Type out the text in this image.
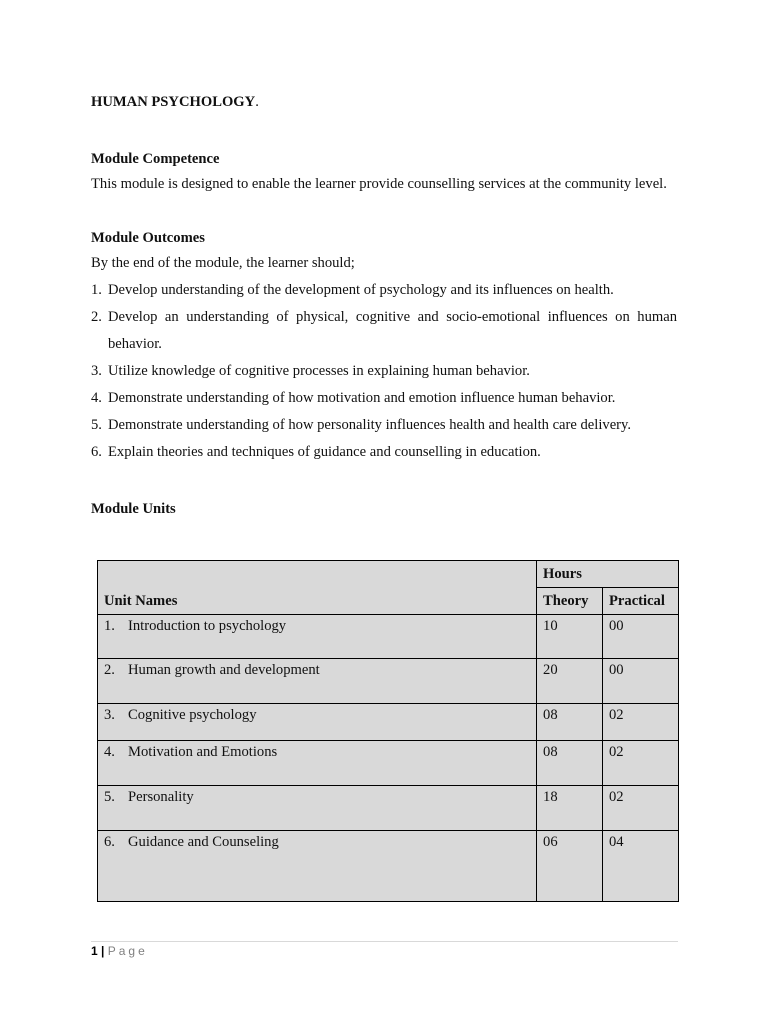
HUMAN PSYCHOLOGY.

Module Competence

This module is designed to enable the learner provide counselling services at the community level.

Module Outcomes

By the end of the module, the learner should;

1. Develop understanding of the development of psychology and its influences on health.
2. Develop an understanding of physical, cognitive and socio-emotional influences on human behavior.
3. Utilize knowledge of cognitive processes in explaining human behavior.
4. Demonstrate understanding of how motivation and emotion influence human behavior.
5. Demonstrate understanding of how personality influences health and health care delivery.
6. Explain theories and techniques of guidance and counselling in education.

Module Units

	Hours	
Unit Names	Theory	Practical
1. Introduction to psychology	10	00
2. Human growth and development	20	00
3. Cognitive psychology	08	02
4. Motivation and Emotions	08	02
5. Personality	18	02
6. Guidance and Counseling	06	04
1 | Page
